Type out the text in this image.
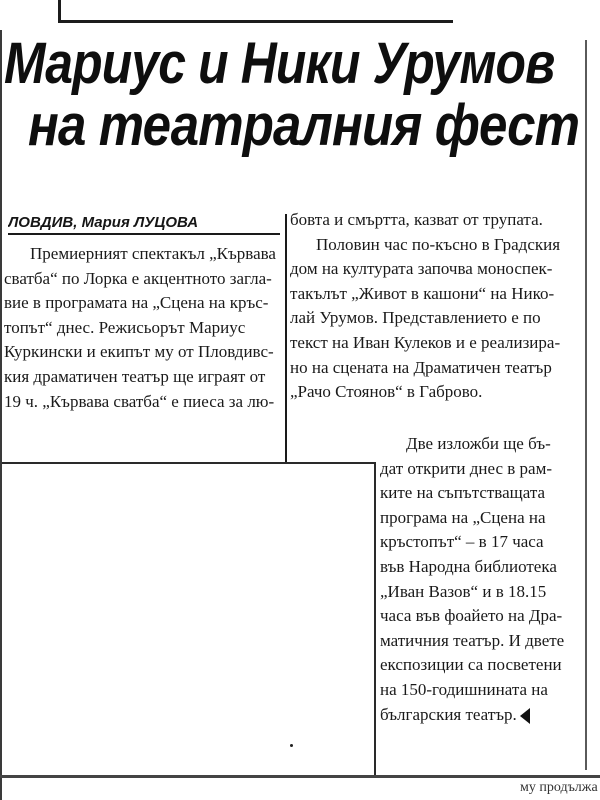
Мариус и Ники Урумов
на театралния фест
ЛОВДИВ, Мария ЛУЦОВА
Премиерният спектакъл „Кървава
сватба“ по Лорка е акцентното загла-
вие в програмата на „Сцена на кръс-
топът“ днес. Режисьорът Мариус
Куркински и екипът му от Пловдивс-
кия драматичен театър ще играят от
19 ч. „Кървава сватба“ е пиеса за лю-
бовта и смъртта, казват от трупата.
Половин час по-късно в Градския
дом на културата започва моноспек-
такълът „Живот в кашони“ на Нико-
лай Урумов. Представлението е по
текст на Иван Кулеков и е реализира-
но на сцената на Драматичен театър
„Рачо Стоянов“ в Габрово.
Две изложби ще бъ-
дат открити днес в рам-
ките на съпътстващата
програма на „Сцена на
кръстопът“ – в 17 часа
във Народна библиотека
„Иван Вазов“ и в 18.15
часа във фоайето на Дра-
матичния театър. И двете
експозиции са посветени
на 150-годишнината на
българския театър.
му продължа
